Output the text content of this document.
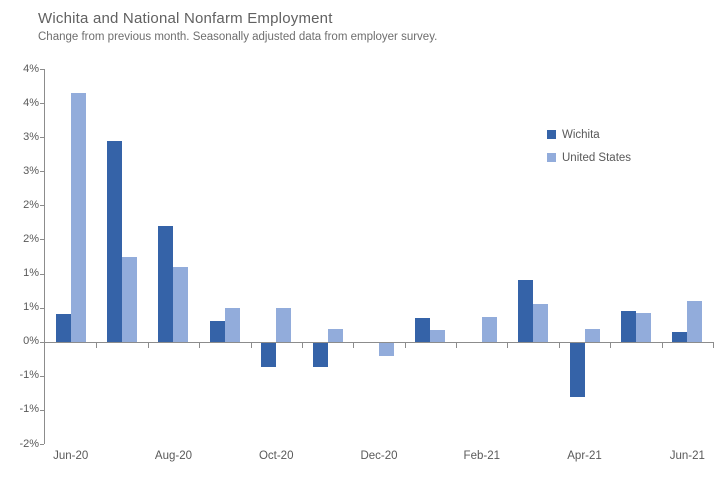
Wichita and National Nonfarm Employment
Change from previous month. Seasonally adjusted data from employer survey.
4%
4%
3%
3%
2%
2%
1%
1%
0%
-1%
-1%
-2%
Jun-20	Aug-20	Oct-20	Dec-20	Feb-21	Apr-21	Jun-21
Wichita
United States
